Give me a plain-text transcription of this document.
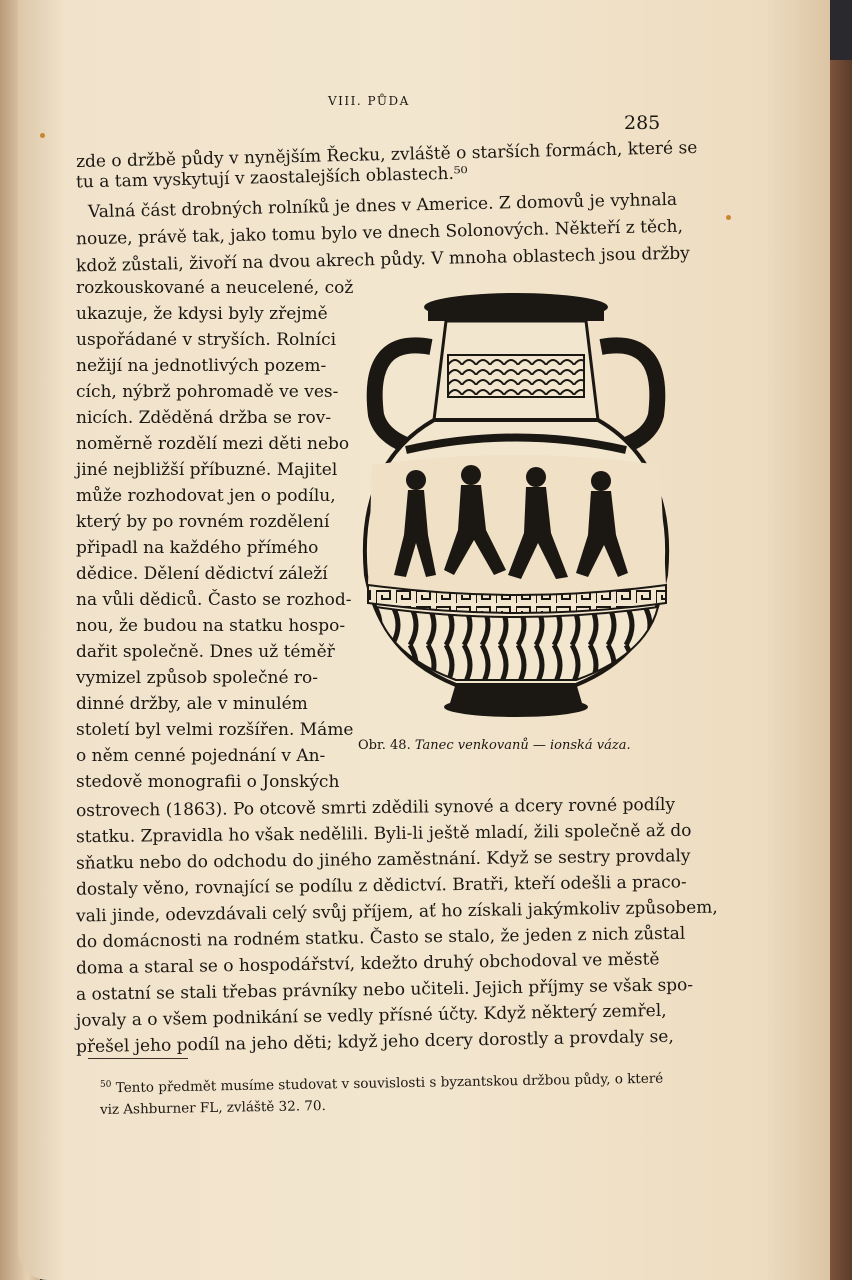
VIII. PŮDA
285
zde o držbě půdy v nynějším Řecku, zvláště o starších formách, které se
tu a tam vyskytují v zaostalejších oblastech.⁵⁰
Valná část drobných rolníků je dnes v Americe. Z domovů je vyhnala
nouze, právě tak, jako tomu bylo ve dnech Solonových. Někteří z těch,
kdož zůstali, živoří na dvou akrech půdy. V mnoha oblastech jsou držby
rozkouskované a neucelené, což
ukazuje, že kdysi byly zřejmě
uspořádané v stryších. Rolníci
nežijí na jednotlivých pozem-
cích, nýbrž pohromadě ve ves-
nicích. Zděděná držba se rov-
noměrně rozdělí mezi děti nebo
jiné nejbližší příbuzné. Majitel
může rozhodovat jen o podílu,
který by po rovném rozdělení
připadl na každého přímého
dědice. Dělení dědictví záleží
na vůli dědiců. Často se rozhod-
nou, že budou na statku hospo-
dařit společně. Dnes už téměř
vymizel způsob společné ro-
dinné držby, ale v minulém
století byl velmi rozšířen. Máme
o něm cenné pojednání v An-
stedově monografii o Jonských
ostrovech (1863). Po otcově smrti zdědili synové a dcery rovné podíly
statku. Zpravidla ho však nedělili. Byli-li ještě mladí, žili společně až do
sňatku nebo do odchodu do jiného zaměstnání. Když se sestry provdaly
dostaly věno, rovnající se podílu z dědictví. Bratři, kteří odešli a praco-
vali jinde, odevzdávali celý svůj příjem, ať ho získali jakýmkoliv způsobem,
do domácnosti na rodném statku. Často se stalo, že jeden z nich zůstal
doma a staral se o hospodářství, kdežto druhý obchodoval ve městě
a ostatní se stali třebas právníky nebo učiteli. Jejich příjmy se však spo-
jovaly a o všem podnikání se vedly přísné účty. Když některý zemřel,
přešel jeho podíl na jeho děti; když jeho dcery dorostly a provdaly se,
Obr. 48. Tanec venkovanů — ionská váza.
$^{50}$ Tento předmět musíme studovat v souvislosti s byzantskou držbou půdy, o které
viz Ashburner FL, zvláště 32. 70.
